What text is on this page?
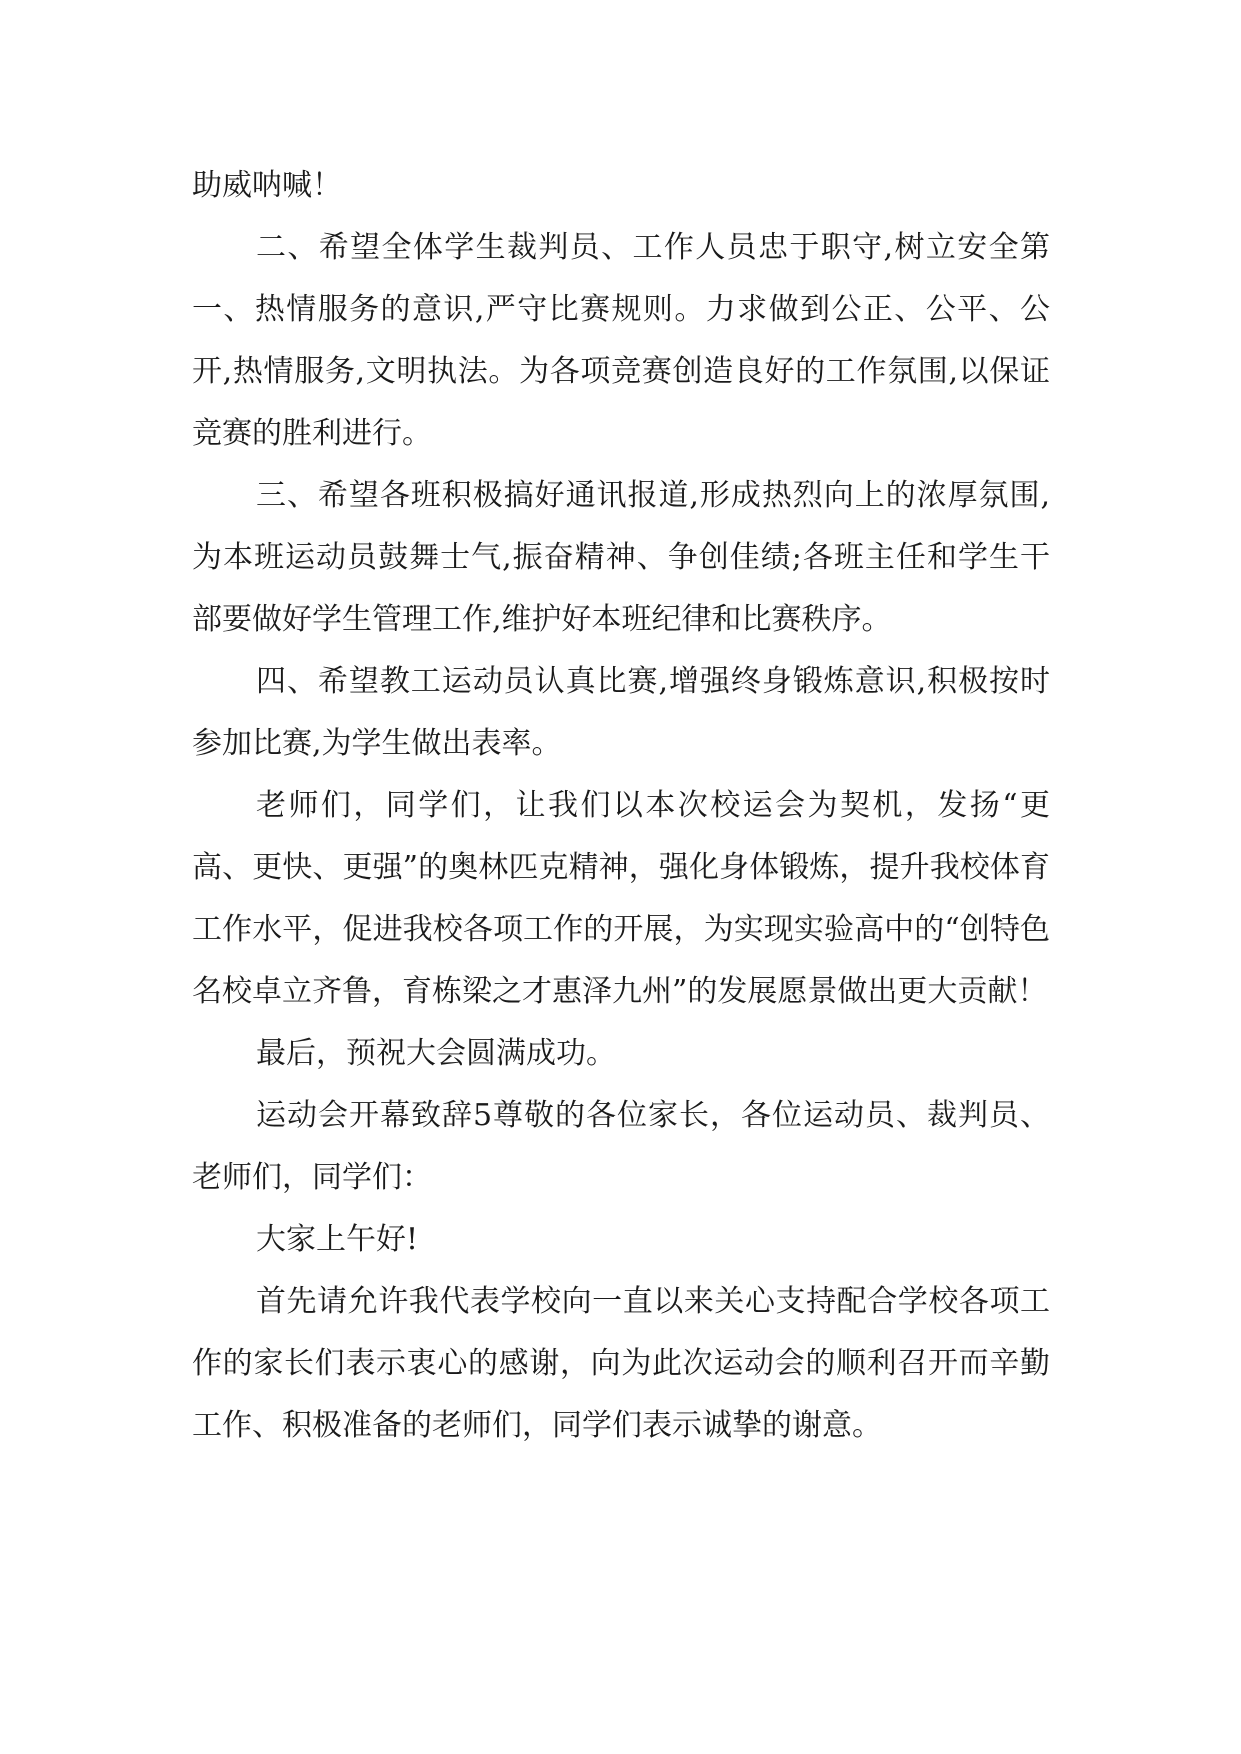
助威呐喊！

二、希望全体学生裁判员、工作人员忠于职守,树立安全第一、热情服务的意识,严守比赛规则。力求做到公正、公平、公开,热情服务,文明执法。为各项竞赛创造良好的工作氛围,以保证竞赛的胜利进行。

三、希望各班积极搞好通讯报道,形成热烈向上的浓厚氛围,为本班运动员鼓舞士气,振奋精神、争创佳绩;各班主任和学生干部要做好学生管理工作,维护好本班纪律和比赛秩序。

四、希望教工运动员认真比赛,增强终身锻炼意识,积极按时参加比赛,为学生做出表率。

老师们，同学们，让我们以本次校运会为契机，发扬“更高、更快、更强”的奥林匹克精神，强化身体锻炼，提升我校体育工作水平，促进我校各项工作的开展，为实现实验高中的“创特色名校卓立齐鲁，育栋梁之才惠泽九州”的发展愿景做出更大贡献！

最后，预祝大会圆满成功。

运动会开幕致辞5尊敬的各位家长，各位运动员、裁判员、老师们，同学们：

大家上午好!

首先请允许我代表学校向一直以来关心支持配合学校各项工作的家长们表示衷心的感谢，向为此次运动会的顺利召开而辛勤工作、积极准备的老师们，同学们表示诚挚的谢意。
